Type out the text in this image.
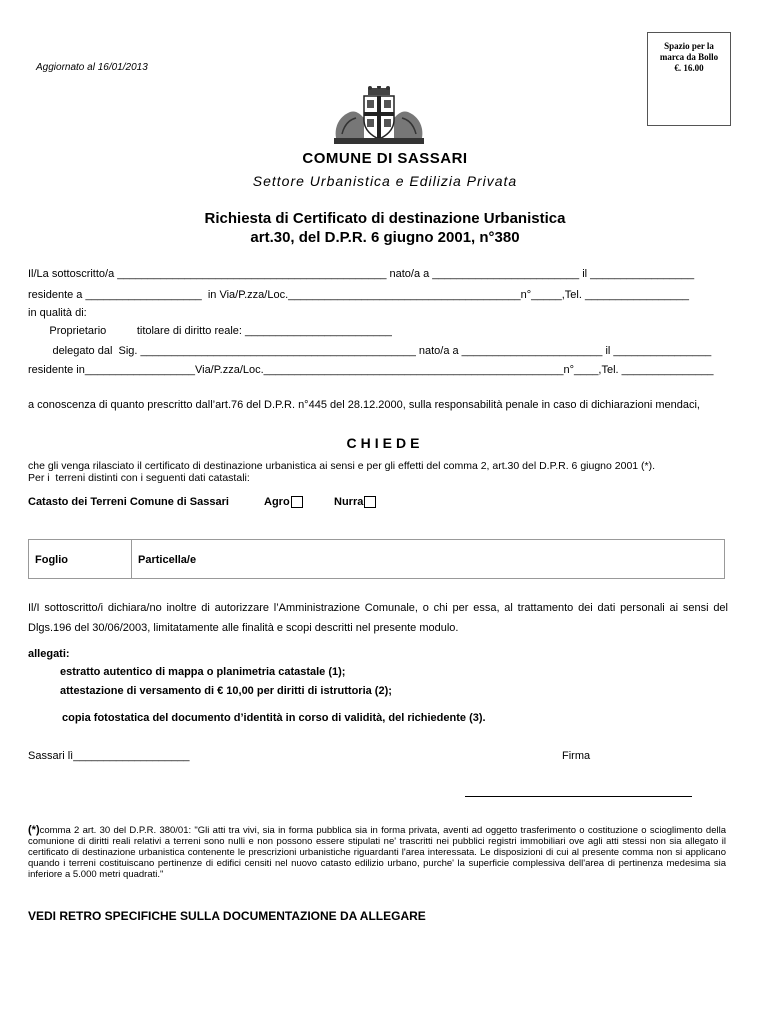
Aggiornato al 16/01/2013
Spazio per la
marca da Bollo
€. 16.00
COMUNE DI SASSARI
Settore Urbanistica e Edilizia Privata
Richiesta di Certificato di destinazione Urbanistica
art.30, del D.P.R. 6 giugno 2001, n°380
Il/La sottoscritto/a ____________________________________________ nato/a a ________________________ il _________________
residente a ___________________  in Via/P.zza/Loc.______________________________________n°_____,Tel. _________________
in qualità di:
Proprietario          titolare di diritto reale: ________________________
delegato dal  Sig. _____________________________________________ nato/a a _______________________ il ________________
residente in__________________Via/P.zza/Loc._________________________________________________n°____,Tel. _______________
a conoscenza di quanto prescritto dall’art.76 del D.P.R. n°445 del 28.12.2000, sulla responsabilità penale in caso di dichiarazioni mendaci,
CHIEDE
che gli venga rilasciato il certificato di destinazione urbanistica ai sensi e per gli effetti del comma 2, art.30 del D.P.R. 6 giugno 2001 (*).
Per i  terreni distinti con i seguenti dati catastali:
Catasto dei Terreni Comune di Sassari	Agro	Nurra
Foglio	Particella/e
Il/I sottoscritto/i dichiara/no inoltre di autorizzare l’Amministrazione Comunale, o chi per essa, al trattamento dei dati personali ai sensi del Dlgs.196 del 30/06/2003, limitatamente alle finalità e scopi descritti nel presente modulo.
allegati:
estratto autentico di mappa o planimetria catastale (1);
attestazione di versamento di € 10,00 per diritti di istruttoria (2);
copia fotostatica del documento d’identità in corso di validità, del richiedente (3).
Sassari lì___________________	Firma
(*)comma 2 art. 30 del D.P.R. 380/01: "Gli atti tra vivi, sia in forma pubblica sia in forma privata, aventi ad oggetto trasferimento o costituzione o scioglimento della comunione di diritti reali relativi a terreni sono nulli e non possono essere stipulati ne' trascritti nei pubblici registri immobiliari ove agli atti stessi non sia allegato il certificato di destinazione urbanistica contenente le prescrizioni urbanistiche riguardanti l'area interessata. Le disposizioni di cui al presente comma non si applicano quando i terreni costituiscano pertinenze di edifici censiti nel nuovo catasto edilizio urbano, purche' la superficie complessiva dell'area di pertinenza medesima sia inferiore a 5.000 metri quadrati."
VEDI RETRO SPECIFICHE SULLA DOCUMENTAZIONE DA ALLEGARE
